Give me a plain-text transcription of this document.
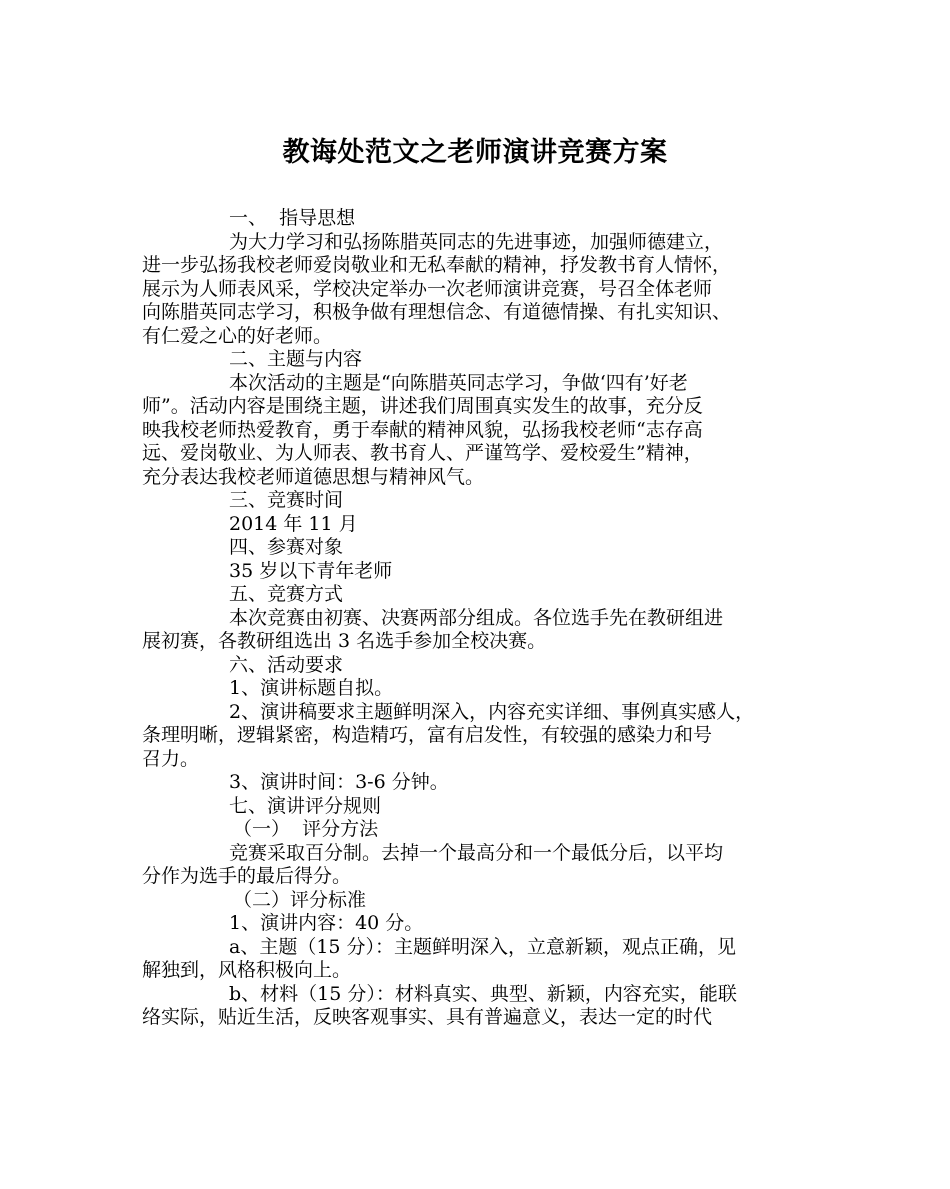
教诲处范文之老师演讲竞赛方案
一、  指导思想
为大力学习和弘扬陈腊英同志的先进事迹，加强师德建立，
进一步弘扬我校老师爱岗敬业和无私奉献的精神，抒发教书育人情怀，
展示为人师表风采，学校决定举办一次老师演讲竞赛，号召全体老师
向陈腊英同志学习，积极争做有理想信念、有道德情操、有扎实知识、
有仁爱之心的好老师。
二、主题与内容
本次活动的主题是“向陈腊英同志学习，争做‘四有’好老
师”。活动内容是围绕主题，讲述我们周围真实发生的故事，充分反
映我校老师热爱教育，勇于奉献的精神风貌，弘扬我校老师“志存高
远、爱岗敬业、为人师表、教书育人、严谨笃学、爱校爱生”精神，
充分表达我校老师道德思想与精神风气。
三、竞赛时间
2014 年 11 月
四、参赛对象
35 岁以下青年老师
五、竞赛方式
本次竞赛由初赛、决赛两部分组成。各位选手先在教研组进
展初赛，各教研组选出 3 名选手参加全校决赛。
六、活动要求
1、演讲标题自拟。
2、演讲稿要求主题鲜明深入，内容充实详细、事例真实感人，
条理明晰，逻辑紧密，构造精巧，富有启发性，有较强的感染力和号
召力。
3、演讲时间：3-6 分钟。
七、演讲评分规则
（一）  评分方法
竞赛采取百分制。去掉一个最高分和一个最低分后，以平均
分作为选手的最后得分。
（二）评分标准
1、演讲内容：40 分。
a、主题（15 分）：主题鲜明深入，立意新颖，观点正确，见
解独到，风格积极向上。
b、材料（15 分）：材料真实、典型、新颖，内容充实，能联
络实际，贴近生活，反映客观事实、具有普遍意义，表达一定的时代
